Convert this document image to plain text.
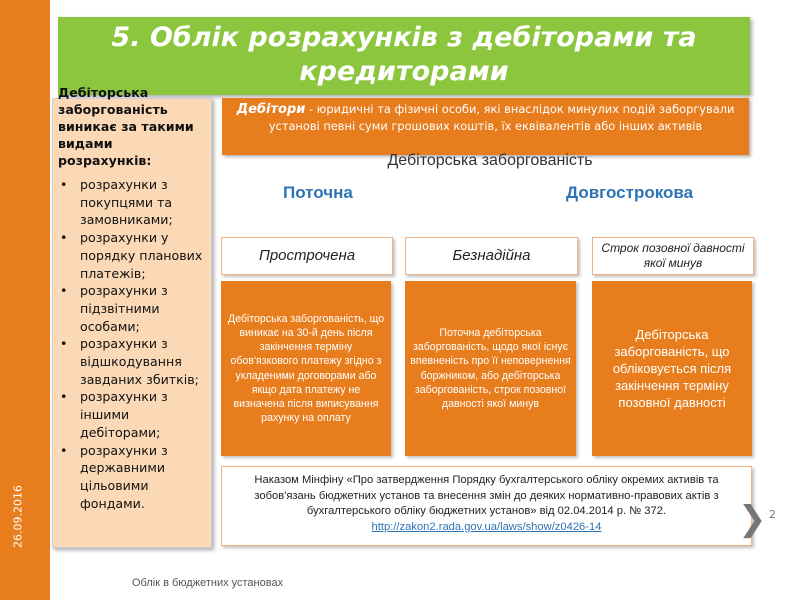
26.09.2016
5. Облік розрахунків з дебіторами та кредиторами
Дебіторська заборгованість виникає за такими видами розрахунків:
• розрахунки з покупцями та замовниками;
• розрахунки у порядку планових платежів;
• розрахунки з підзвітними особами;
• розрахунки з відшкодування завданих збитків;
• розрахунки з іншими дебіторами;
• розрахунки з державними цільовими фондами.
Дебітори - юридичні та фізичні особи, які внаслідок минулих подій заборгували установі певні суми грошових коштів, їх еквівалентів або інших активів
Дебіторська заборгованість
Поточна	Довгострокова
Прострочена	Безнадійна	Строк позовної давності якої минув
Дебіторська заборгованість, що виникає на 30-й день після закінчення терміну обов'язкового платежу згідно з укладеними договорами або якщо дата платежу не визначена після виписування рахунку на оплату
Поточна дебіторська заборгованість, щодо якої існує впевненість про її неповернення боржником, або дебіторська заборгованість, строк позовної давності якої минув
Дебіторська заборгованість, що обліковується після закінчення терміну позовної давності
Наказом Мінфіну «Про затвердження Порядку бухгалтерського обліку окремих активів та зобов'язань бюджетних установ та внесення змін до деяких нормативно-правових актів з бухгалтерського обліку бюджетних установ» від 02.04.2014 р. № 372.
http://zakon2.rada.gov.ua/laws/show/z0426-14	❯ 2
Облік в бюджетних установах
